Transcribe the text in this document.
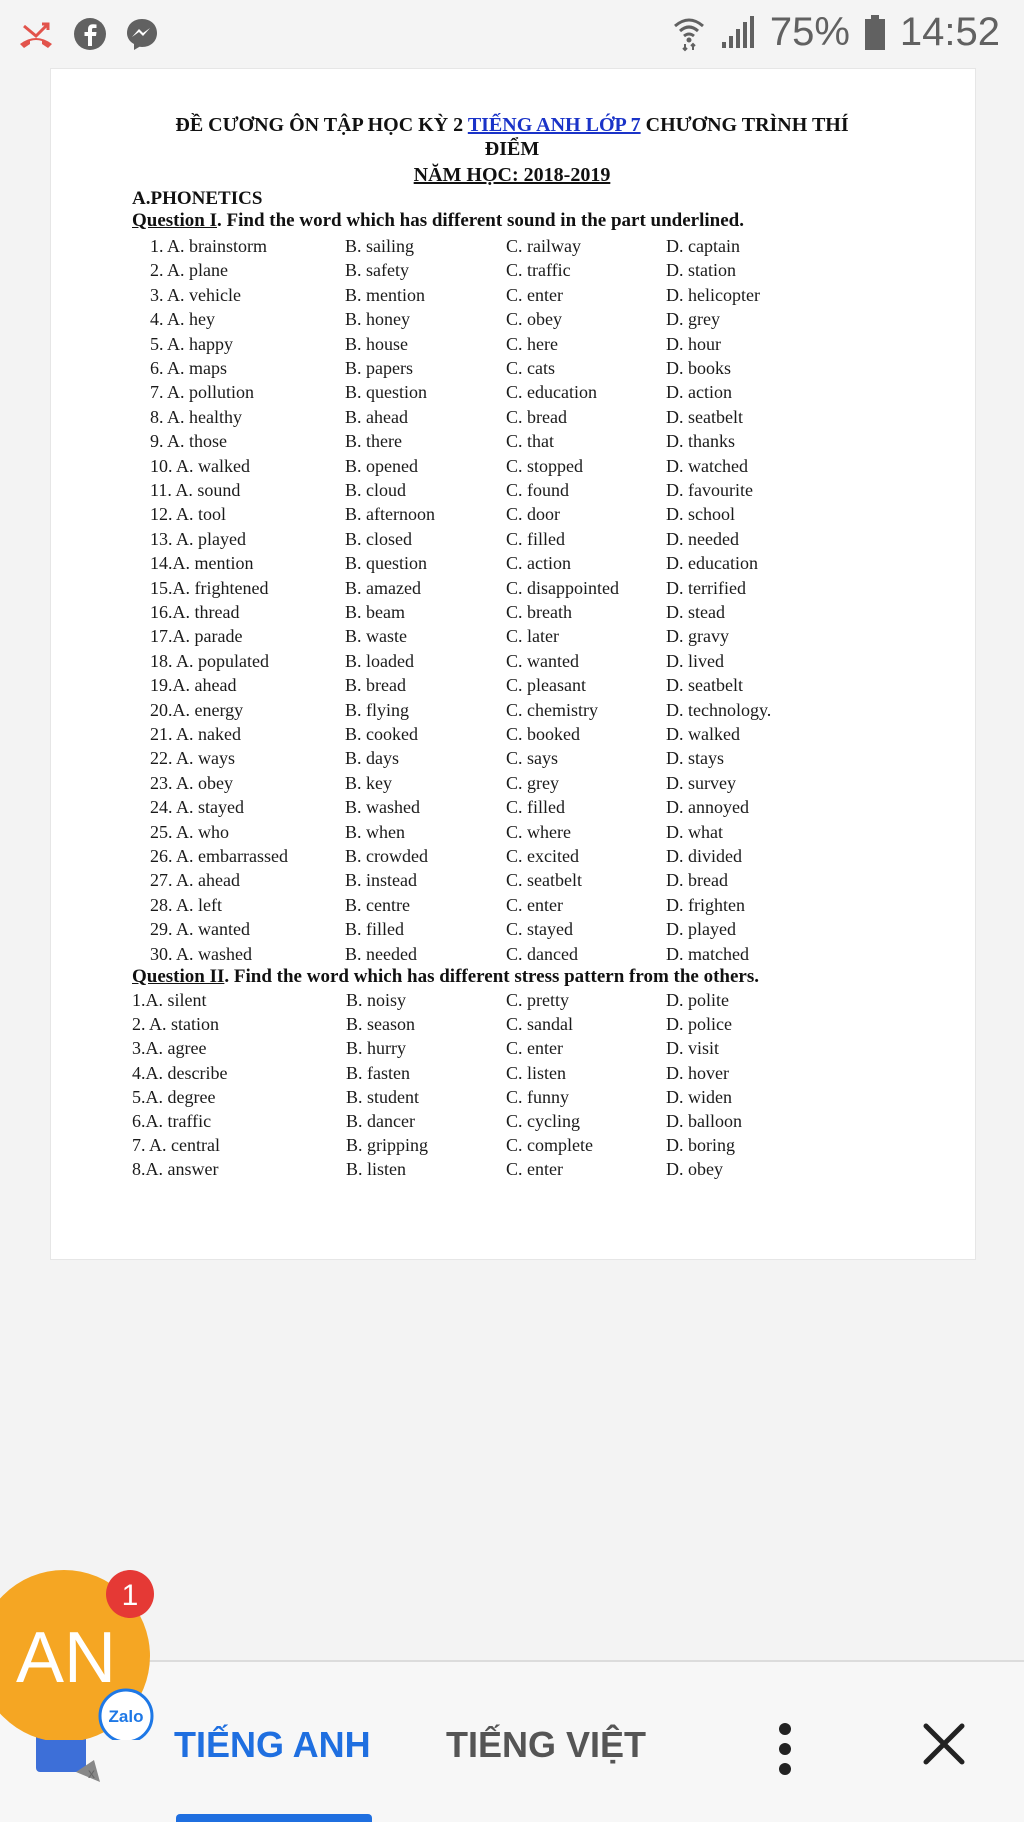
75% 14:52
ĐỀ CƯƠNG ÔN TẬP HỌC KỲ 2 TIẾNG ANH LỚP 7 CHƯƠNG TRÌNH THÍ
ĐIỂM
NĂM HỌC: 2018-2019
A.PHONETICS
Question I. Find the word which has different sound in the part underlined.
1. A. brainstorm	B. sailing	C. railway	D. captain
2. A. plane	B. safety	C. traffic	D. station
3. A. vehicle	B. mention	C. enter	D. helicopter
4. A. hey	B. honey	C. obey	D. grey
5. A. happy	B. house	C. here	D. hour
6. A. maps	B. papers	C. cats	D. books
7. A. pollution	B. question	C. education	D. action
8. A. healthy	B. ahead	C. bread	D. seatbelt
9. A. those	B. there	C. that	D. thanks
10. A. walked	B. opened	C. stopped	D. watched
11. A. sound	B. cloud	C. found	D. favourite
12. A. tool	B. afternoon	C. door	D. school
13. A. played	B. closed	C. filled	D. needed
14.A. mention	B. question	C. action	D. education
15.A. frightened	B. amazed	C. disappointed	D. terrified
16.A. thread	B. beam	C. breath	D. stead
17.A. parade	B. waste	C. later	D. gravy
18. A. populated	B. loaded	C. wanted	D. lived
19.A. ahead	B. bread	C. pleasant	D. seatbelt
20.A. energy	B. flying	C. chemistry	D. technology.
21. A. naked	B. cooked	C. booked	D. walked
22. A. ways	B. days	C. says	D. stays
23. A. obey	B. key	C. grey	D. survey
24. A. stayed	B. washed	C. filled	D. annoyed
25. A. who	B. when	C. where	D. what
26. A. embarrassed	B. crowded	C. excited	D. divided
27. A. ahead	B. instead	C. seatbelt	D. bread
28. A. left	B. centre	C. enter	D. frighten
29. A. wanted	B. filled	C. stayed	D. played
30. A. washed	B. needed	C. danced	D. matched
Question II. Find the word which has different stress pattern from the others.
1.A. silent	B. noisy	C. pretty	D. polite
2. A. station	B. season	C. sandal	D. police
3.A. agree	B. hurry	C. enter	D. visit
4.A. describe	B. fasten	C. listen	D. hover
5.A. degree	B. student	C. funny	D. widen
6.A. traffic	B. dancer	C. cycling	D. balloon
7. A. central	B. gripping	C. complete	D. boring
8.A. answer	B. listen	C. enter	D. obey
x
TIẾNG ANH TIẾNG VIỆT
AN
1
Zalo
